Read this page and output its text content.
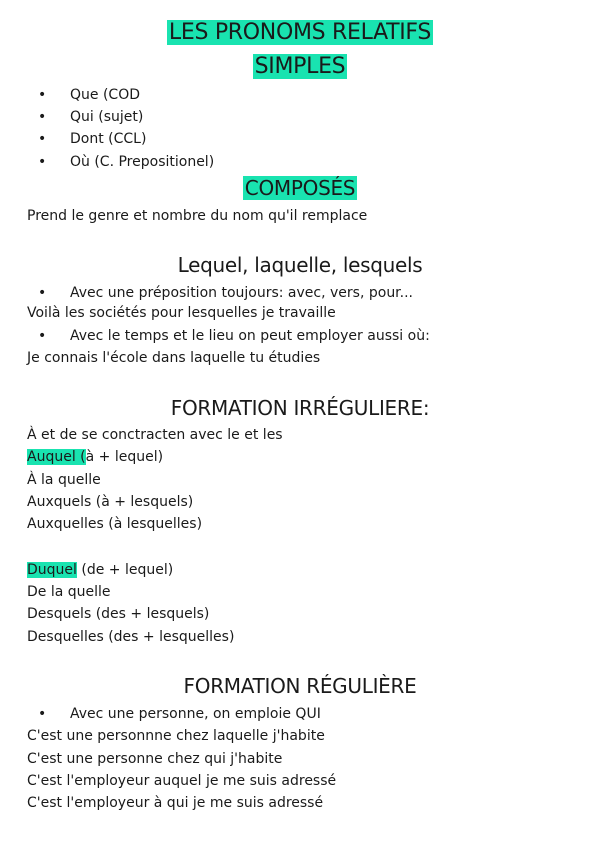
LES PRONOMS RELATIFS
SIMPLES
• Que (COD
• Qui (sujet)
• Dont (CCL)
• Où (C. Prepositionel)
COMPOSÉS
Prend le genre et nombre du nom qu'il remplace
Lequel, laquelle, lesquels
• Avec une préposition toujours: avec, vers, pour...
Voilà les sociétés pour lesquelles je travaille
• Avec le temps et le lieu on peut employer aussi où:
Je connais l'école dans laquelle tu étudies
FORMATION IRRÉGULIERE:
À et de se conctracten avec le et les
Auquel (à + lequel)
À la quelle
Auxquels (à + lesquels)
Auxquelles (à lesquelles)
Duquel (de + lequel)
De la quelle
Desquels (des + lesquels)
Desquelles (des + lesquelles)
FORMATION RÉGULIÈRE
• Avec une personne, on emploie QUI
C'est une personnne chez laquelle j'habite
C'est une personne chez qui j'habite
C'est l'employeur auquel je me suis adressé
C'est l'employeur à qui je me suis adressé
